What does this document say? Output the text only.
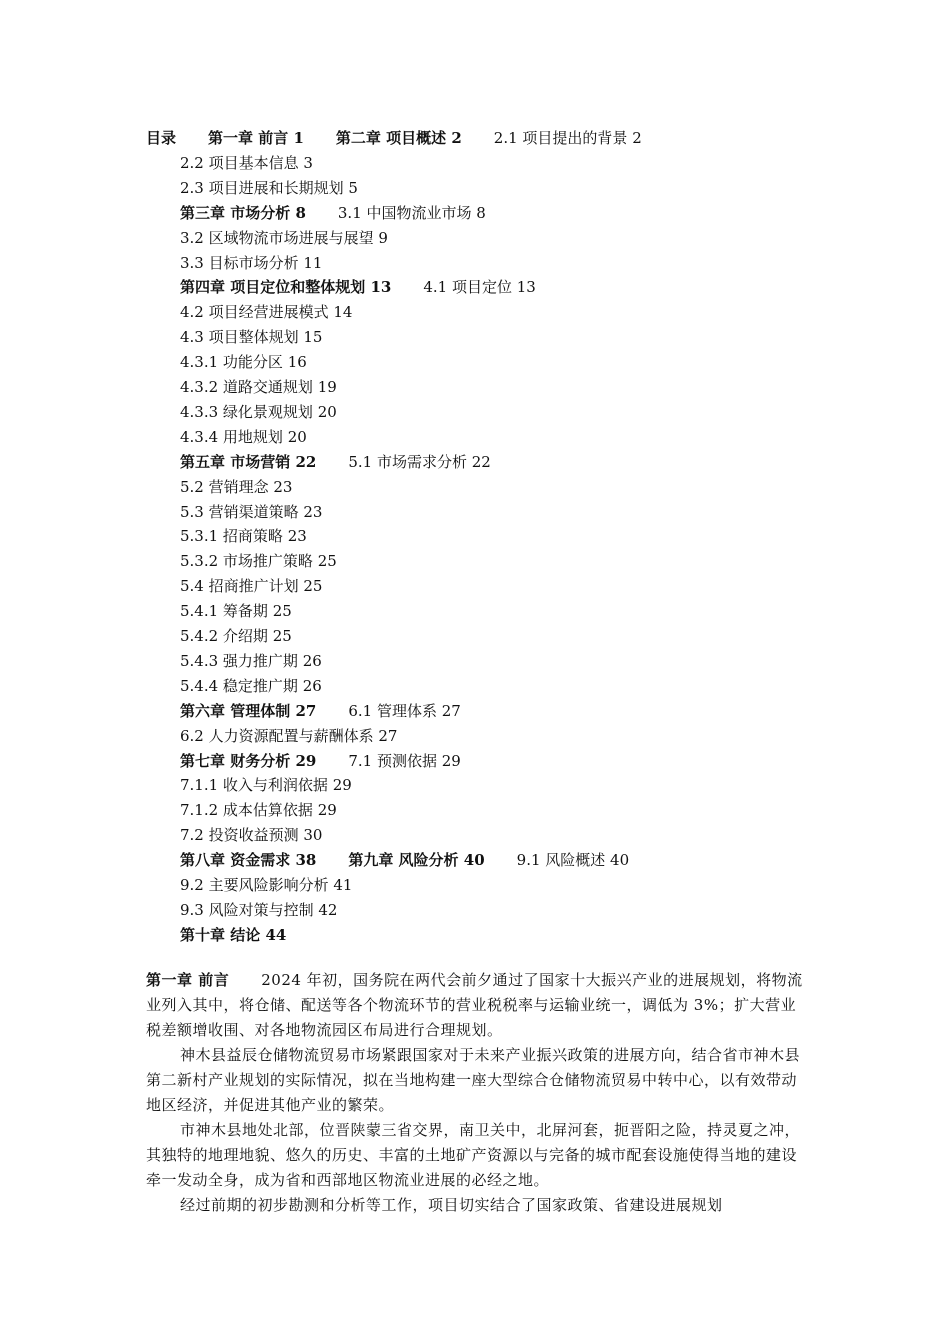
目录 第一章 前言 1 第二章 项目概述 2 2.1 项目提出的背景 2
2.2 项目基本信息 3
2.3 项目进展和长期规划 5
第三章 市场分析 8 3.1 中国物流业市场 8
3.2 区域物流市场进展与展望 9
3.3 目标市场分析 11
第四章 项目定位和整体规划 13 4.1 项目定位 13
4.2 项目经营进展模式 14
4.3 项目整体规划 15
4.3.1 功能分区 16
4.3.2 道路交通规划 19
4.3.3 绿化景观规划 20
4.3.4 用地规划 20
第五章 市场营销 22 5.1 市场需求分析 22
5.2 营销理念 23
5.3 营销渠道策略 23
5.3.1 招商策略 23
5.3.2 市场推广策略 25
5.4 招商推广计划 25
5.4.1 筹备期 25
5.4.2 介绍期 25
5.4.3 强力推广期 26
5.4.4 稳定推广期 26
第六章 管理体制 27 6.1 管理体系 27
6.2 人力资源配置与薪酬体系 27
第七章 财务分析 29 7.1 预测依据 29
7.1.1 收入与利润依据 29
7.1.2 成本估算依据 29
7.2 投资收益预测 30
第八章 资金需求 38 第九章 风险分析 40 9.1 风险概述 40
9.2 主要风险影响分析 41
9.3 风险对策与控制 42
第十章 结论 44
第一章 前言 2024 年初，国务院在两代会前夕通过了国家十大振兴产业的进展规划，将物流业列入其中，将仓储、配送等各个物流环节的营业税税率与运输业统一，调低为 3%；扩大营业税差额增收围、对各地物流园区布局进行合理规划。
神木县益辰仓储物流贸易市场紧跟国家对于未来产业振兴政策的进展方向，结合省市神木县第二新村产业规划的实际情况，拟在当地构建一座大型综合仓储物流贸易中转中心，以有效带动地区经济，并促进其他产业的繁荣。
市神木县地处北部，位晋陕蒙三省交界，南卫关中，北屏河套，扼晋阳之险，持灵夏之冲，其独特的地理地貌、悠久的历史、丰富的土地矿产资源以与完备的城市配套设施使得当地的建设牵一发动全身，成为省和西部地区物流业进展的必经之地。
经过前期的初步勘测和分析等工作，项目切实结合了国家政策、省建设进展规划
